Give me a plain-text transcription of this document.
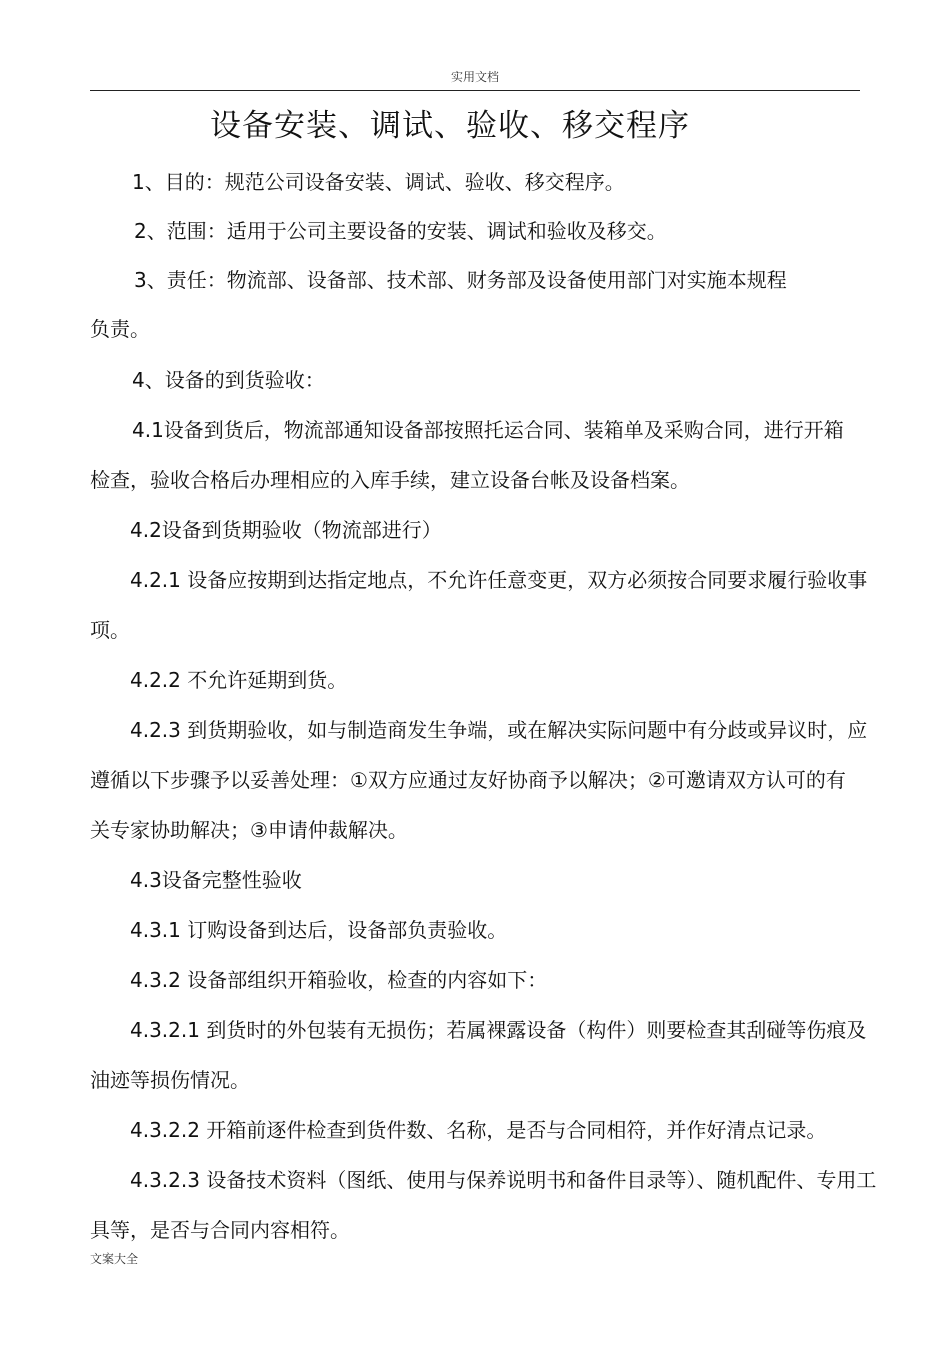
实用文档
设备安装、调试、验收、移交程序
1、目的：规范公司设备安装、调试、验收、移交程序。
2、范围：适用于公司主要设备的安装、调试和验收及移交。
3、责任：物流部、设备部、技术部、财务部及设备使用部门对实施本规程
负责。
4、设备的到货验收：
4.1设备到货后，物流部通知设备部按照托运合同、装箱单及采购合同，进行开箱
检查，验收合格后办理相应的入库手续，建立设备台帐及设备档案。
4.2设备到货期验收（物流部进行）
4.2.1 设备应按期到达指定地点，不允许任意变更，双方必须按合同要求履行验收事
项。
4.2.2 不允许延期到货。
4.2.3 到货期验收，如与制造商发生争端，或在解决实际问题中有分歧或异议时，应
遵循以下步骤予以妥善处理：①双方应通过友好协商予以解决；②可邀请双方认可的有
关专家协助解决；③申请仲裁解决。
4.3设备完整性验收
4.3.1 订购设备到达后，设备部负责验收。
4.3.2 设备部组织开箱验收，检查的内容如下：
4.3.2.1 到货时的外包装有无损伤；若属裸露设备（构件）则要检查其刮碰等伤痕及
油迹等损伤情况。
4.3.2.2 开箱前逐件检查到货件数、名称，是否与合同相符，并作好清点记录。
4.3.2.3 设备技术资料（图纸、使用与保养说明书和备件目录等）、随机配件、专用工
具等，是否与合同内容相符。
文案大全
